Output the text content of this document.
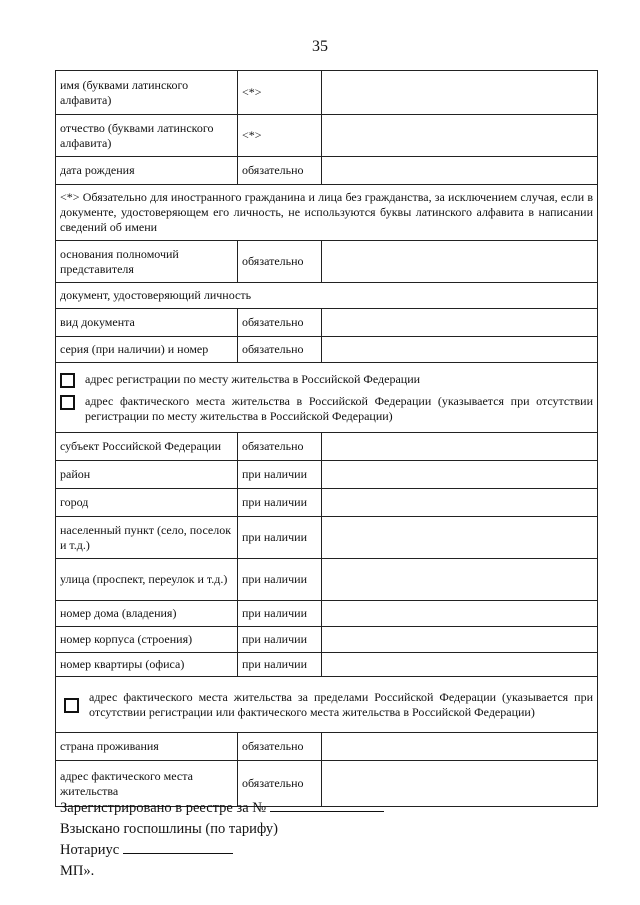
35
имя (буквами латинского алфавита)	<*>	
отчество (буквами латинского алфавита)	<*>	
дата рождения	обязательно	
<*> Обязательно для иностранного гражданина и лица без гражданства, за исключением случая, если в документе, удостоверяющем его личность, не используются буквы латинского алфавита в написании сведений об имени		
основания полномочий представителя	обязательно	
документ, удостоверяющий личность		
вид документа	обязательно	
серия (при наличии) и номер	обязательно	

адрес регистрации по месту жительства в Российской Федерации
адрес фактического места жительства в Российской Федерации (указывается при отсутствии регистрации по месту жительства в Российской Федерации)		

субъект Российской Федерации	обязательно	
район	при наличии	
город	при наличии	
населенный пункт (село, поселок и т.д.)	при наличии	
улица (проспект, переулок и т.д.)	при наличии	
номер дома (владения)	при наличии	
номер корпуса (строения)	при наличии	
номер квартиры (офиса)	при наличии	

адрес фактического места жительства за пределами Российской Федерации (указывается при отсутствии регистрации или фактического места жительства в Российской Федерации)		

страна проживания	обязательно	
адрес фактического места жительства	обязательно	
Зарегистрировано в реестре за №
Взыскано госпошлины (по тарифу)
Нотариус
МП».
